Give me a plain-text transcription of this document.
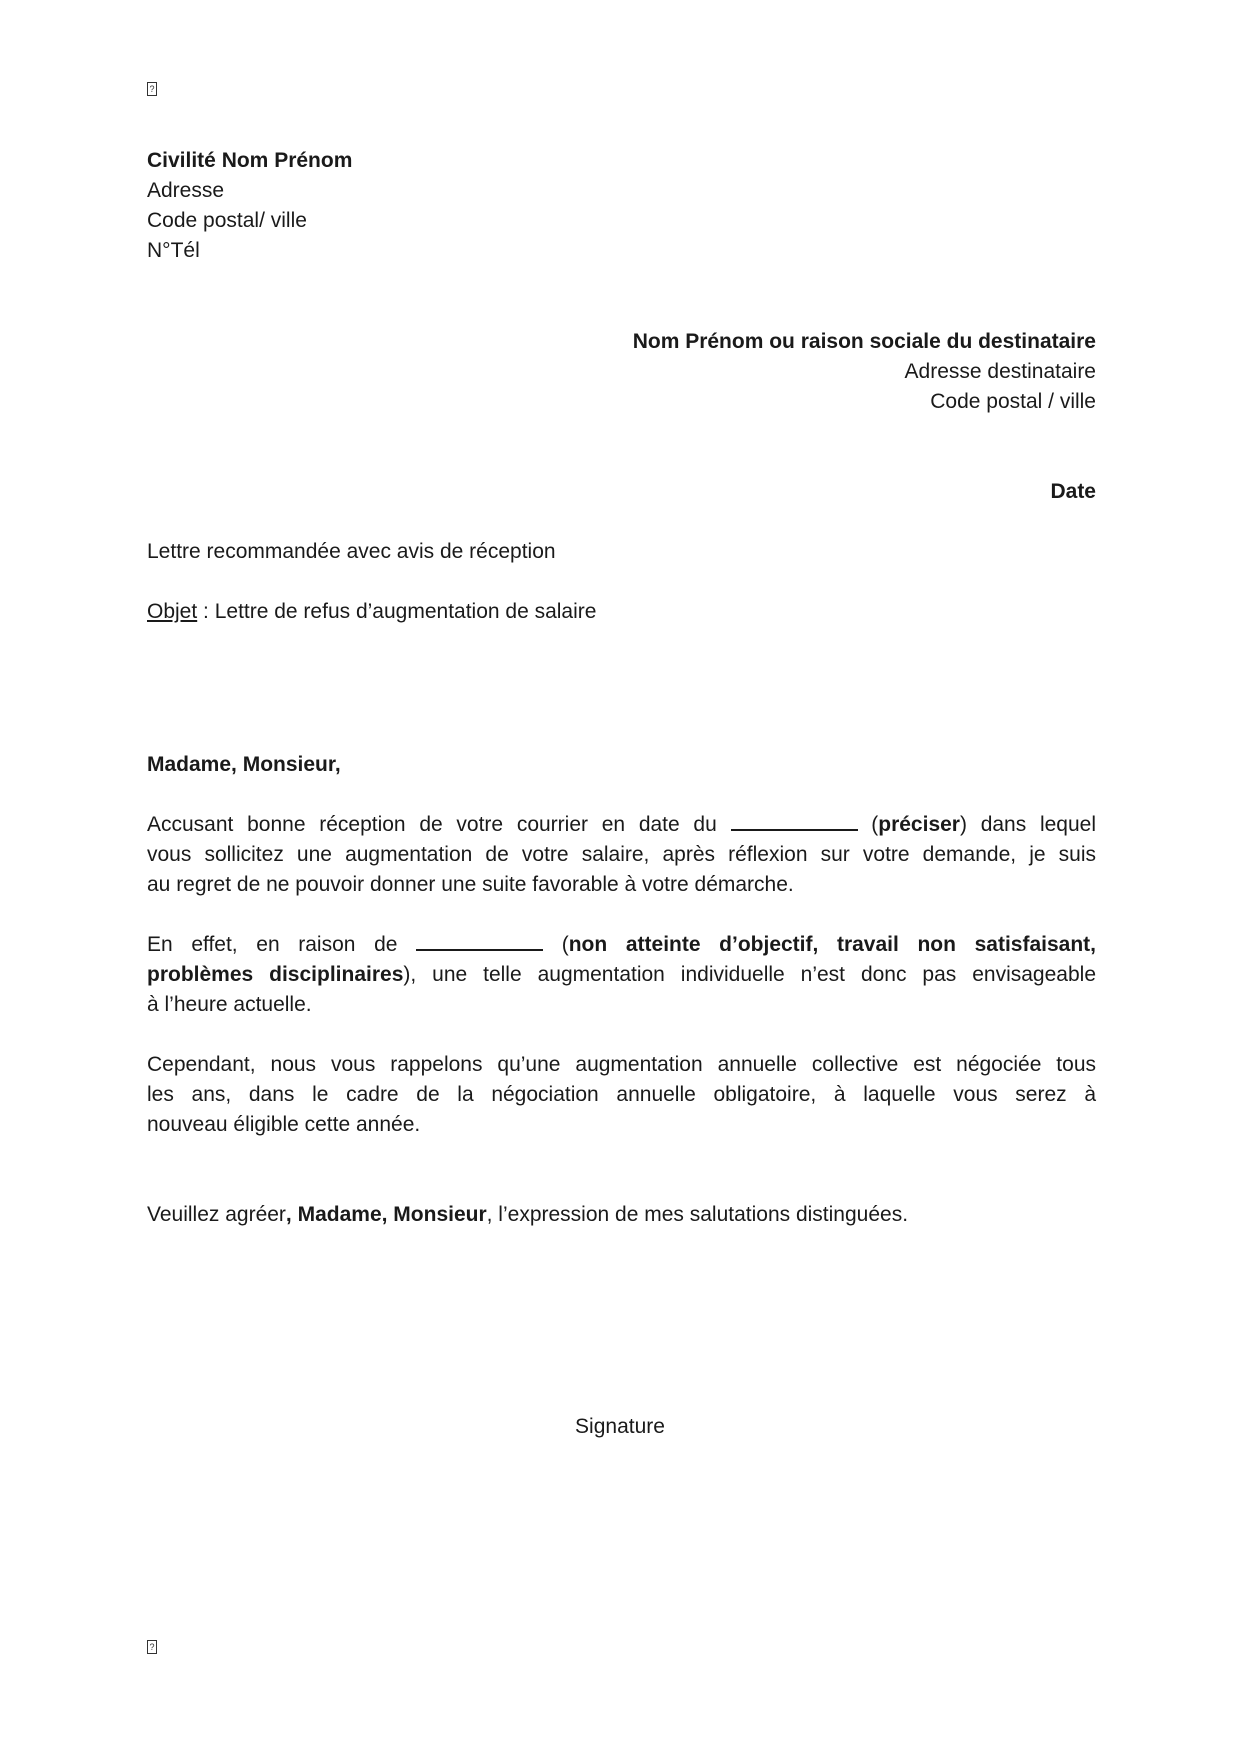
?
Civilité Nom Prénom
Adresse
Code postal/ ville
N°Tél
Nom Prénom ou raison sociale du destinataire
Adresse destinataire
Code postal / ville
Date
Lettre recommandée avec avis de réception
Objet : Lettre de refus d’augmentation de salaire
Madame, Monsieur,
Accusant bonne réception de votre courrier en date du	(préciser) dans lequel
vous sollicitez une augmentation de votre salaire, après réflexion sur votre demande, je suis
au regret de ne pouvoir donner une suite favorable à votre démarche.
En effet, en raison de	(non atteinte d’objectif, travail non satisfaisant,
problèmes disciplinaires), une telle augmentation individuelle n’est donc pas envisageable
à l’heure actuelle.
Cependant, nous vous rappelons qu’une augmentation annuelle collective est négociée tous
les ans, dans le cadre de la négociation annuelle obligatoire, à laquelle vous serez à
nouveau éligible cette année.
Veuillez agréer, Madame, Monsieur, l’expression de mes salutations distinguées.
Signature
?
